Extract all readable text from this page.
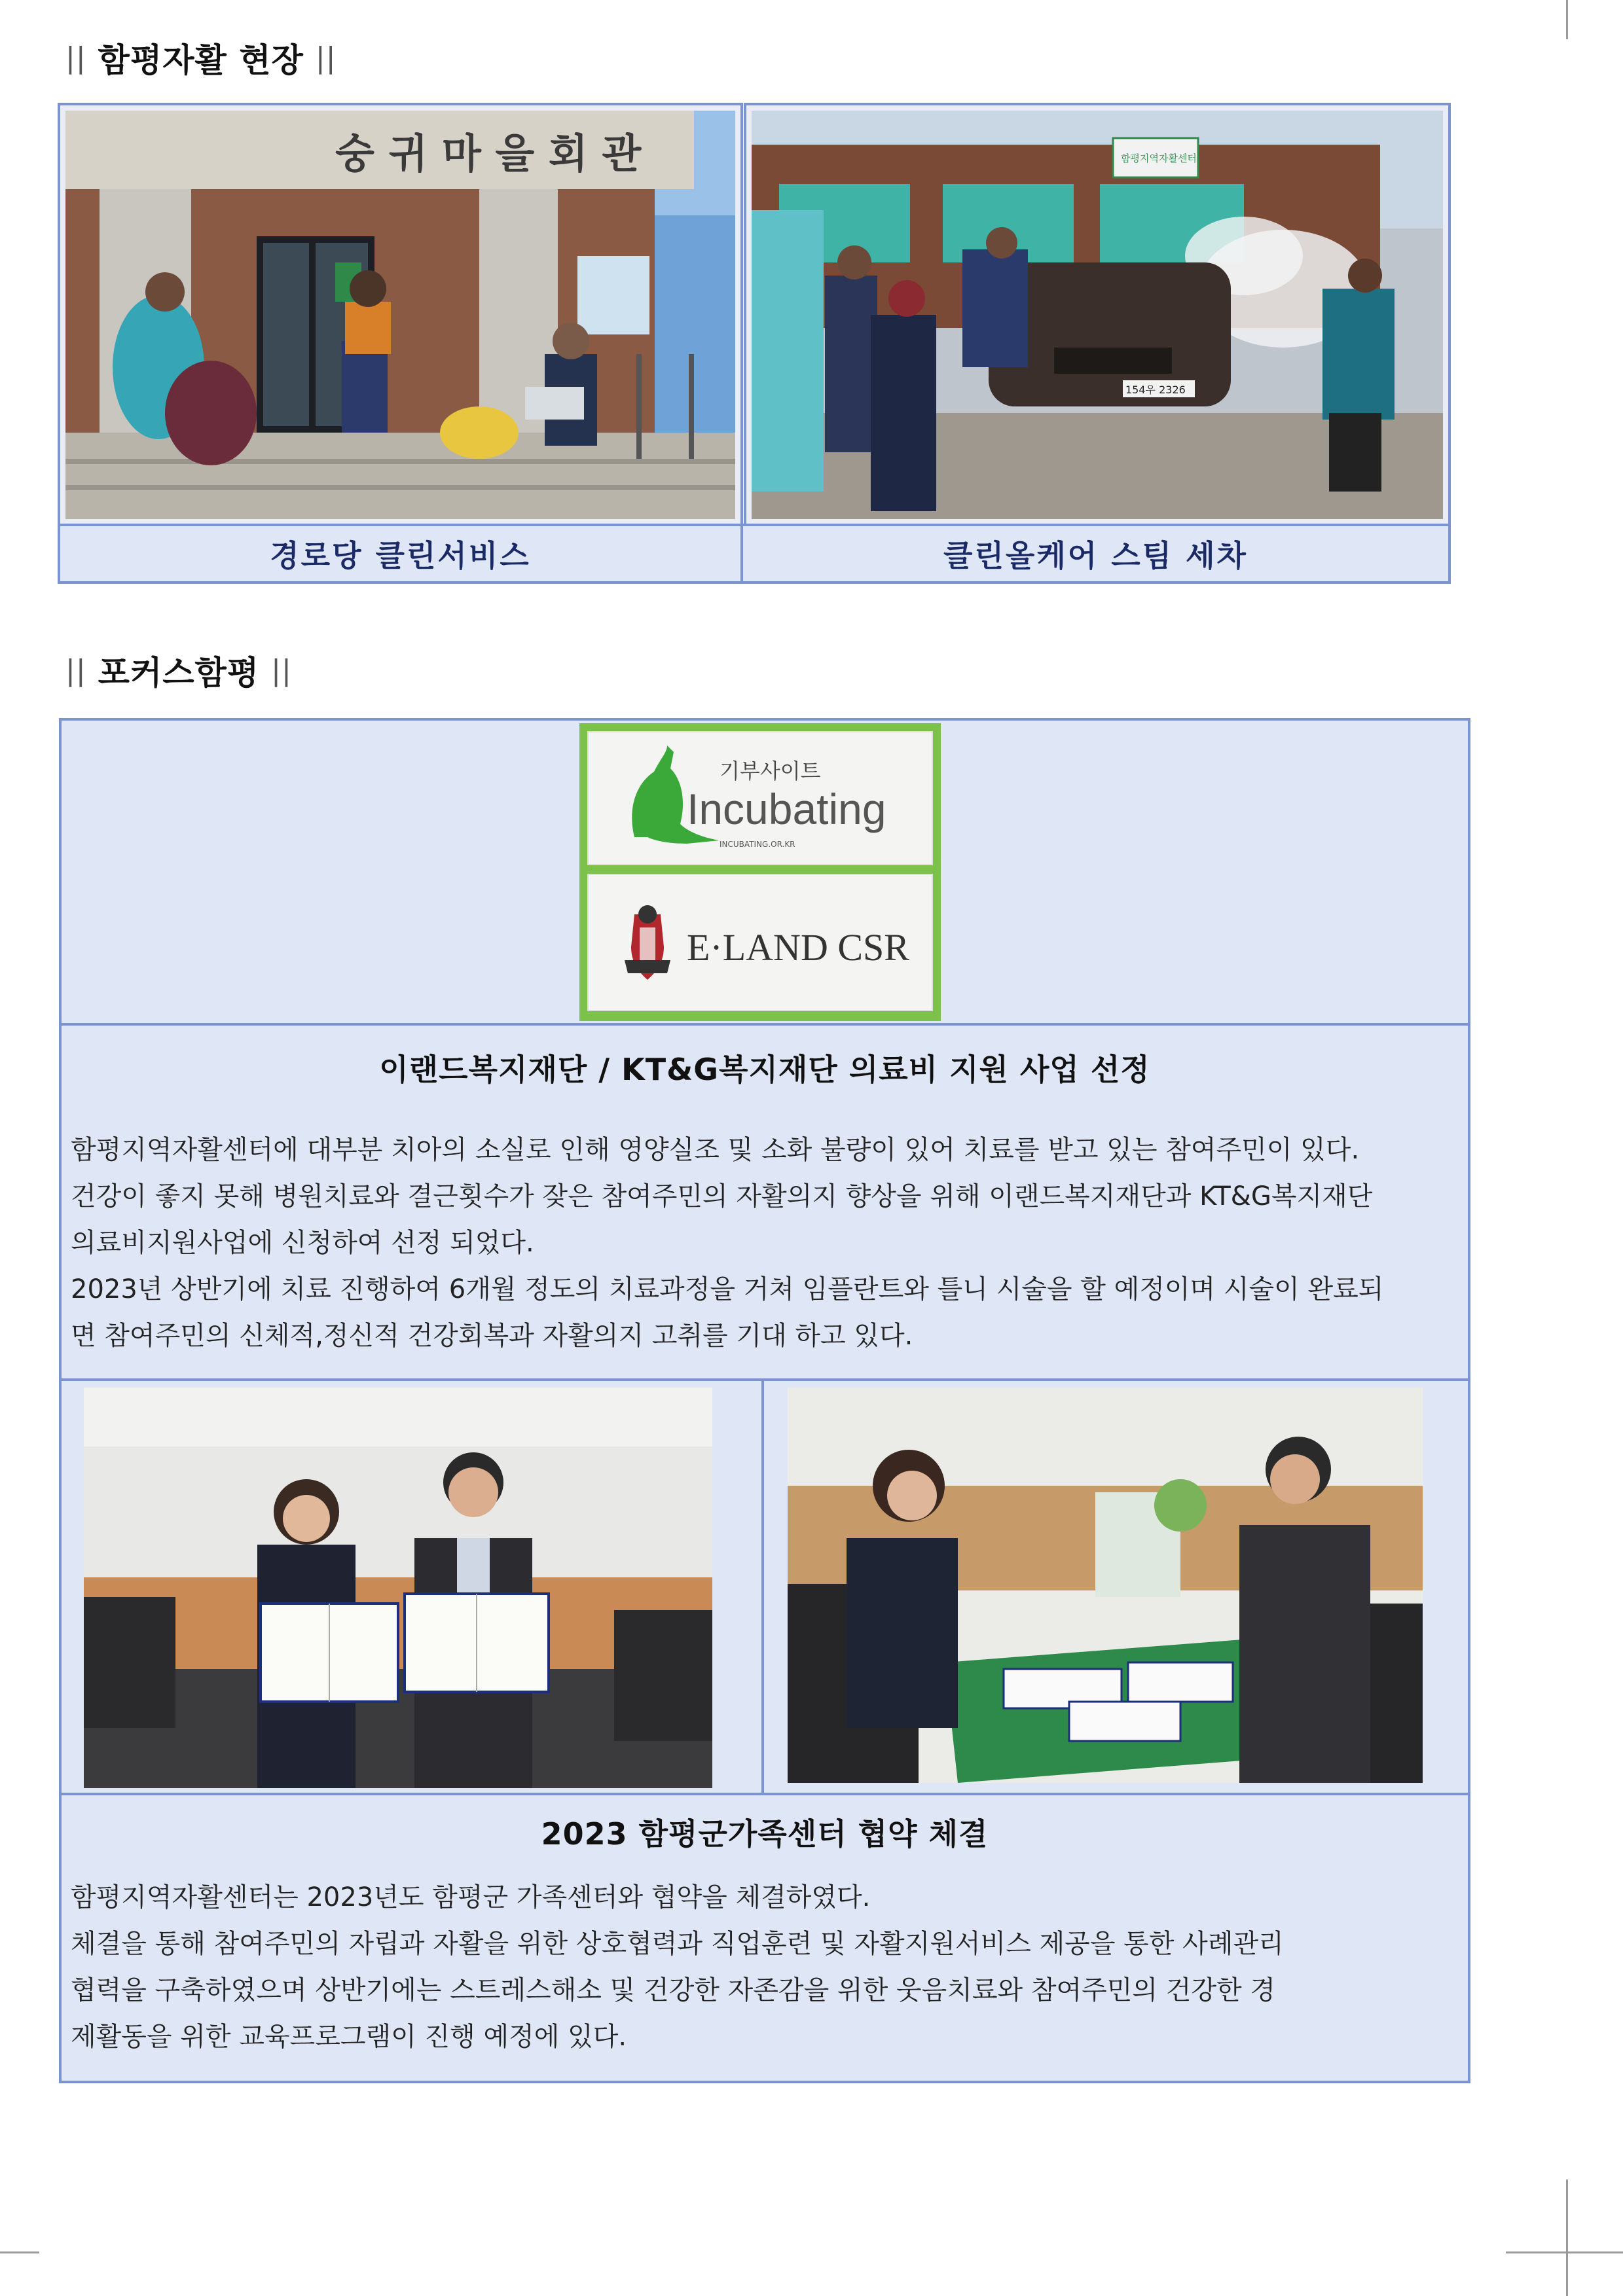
|| 함평자활 현장 ||
숭 귀 마 을 회 관
경로당 클린서비스
함평지역자활센터
154우 2326
클린올케어 스팀 세차
|| 포커스함평 ||
기부사이트
Incubating
INCUBATING.OR.KR
E·LAND CSR
이랜드복지재단 / KT&G복지재단 의료비 지원 사업 선정

함평지역자활센터에 대부분 치아의 소실로 인해 영양실조 및 소화 불량이 있어 치료를 받고 있는 참여주민이 있다.

건강이 좋지 못해 병원치료와 결근횟수가 잦은 참여주민의 자활의지 향상을 위해 이랜드복지재단과 KT&G복지재단

의료비지원사업에 신청하여 선정 되었다.

2023년 상반기에 치료 진행하여 6개월 정도의 치료과정을 거쳐 임플란트와 틀니 시술을 할 예정이며 시술이 완료되

면 참여주민의 신체적,정신적 건강회복과 자활의지 고취를 기대 하고 있다.

2023 함평군가족센터 협약 체결

함평지역자활센터는 2023년도 함평군 가족센터와 협약을 체결하였다.

체결을 통해 참여주민의 자립과 자활을 위한 상호협력과 직업훈련 및 자활지원서비스 제공을 통한 사례관리

협력을 구축하였으며 상반기에는 스트레스해소 및 건강한 자존감을 위한 웃음치료와 참여주민의 건강한 경

제활동을 위한 교육프로그램이 진행 예정에 있다.
